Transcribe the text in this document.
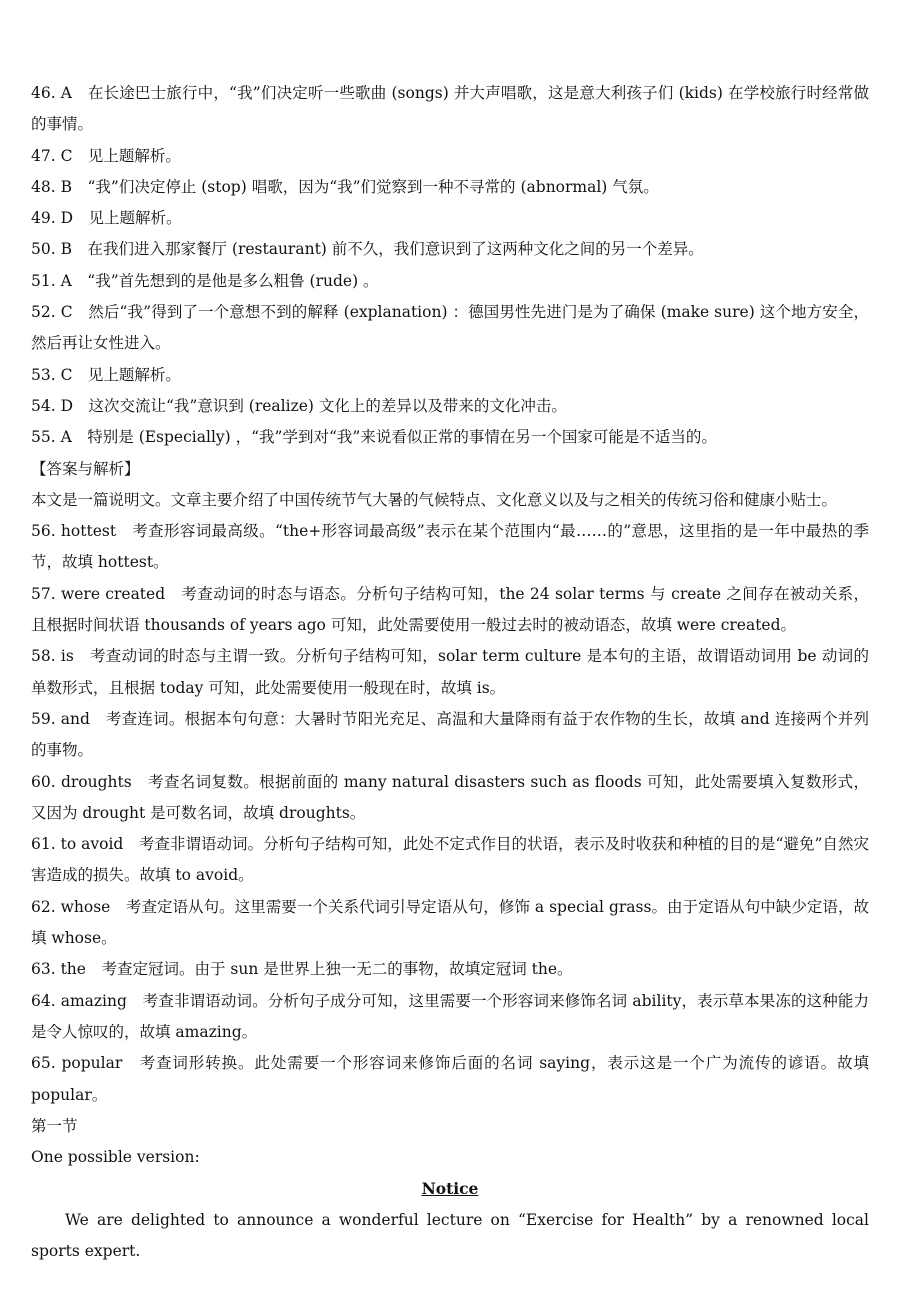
46. A　在长途巴士旅行中，“我”们决定听一些歌曲 (songs) 并大声唱歌，这是意大利孩子们 (kids) 在学校旅行时经常做的事情。

47. C　见上题解析。

48. B　“我”们决定停止 (stop) 唱歌，因为“我”们觉察到一种不寻常的 (abnormal) 气氛。

49. D　见上题解析。

50. B　在我们进入那家餐厅 (restaurant) 前不久，我们意识到了这两种文化之间的另一个差异。

51. A　“我”首先想到的是他是多么粗鲁 (rude) 。

52. C　然后“我”得到了一个意想不到的解释 (explanation) ：德国男性先进门是为了确保 (make sure) 这个地方安全，然后再让女性进入。

53. C　见上题解析。

54. D　这次交流让“我”意识到 (realize) 文化上的差异以及带来的文化冲击。

55. A　特别是 (Especially) ，“我”学到对“我”来说看似正常的事情在另一个国家可能是不适当的。

【答案与解析】

本文是一篇说明文。文章主要介绍了中国传统节气大暑的气候特点、文化意义以及与之相关的传统习俗和健康小贴士。

56. hottest　考查形容词最高级。“the+形容词最高级”表示在某个范围内“最……的”意思，这里指的是一年中最热的季节，故填 hottest。

57. were created　考查动词的时态与语态。分析句子结构可知，the 24 solar terms 与 create 之间存在被动关系，且根据时间状语 thousands of years ago 可知，此处需要使用一般过去时的被动语态，故填 were created。

58. is　考查动词的时态与主谓一致。分析句子结构可知，solar term culture 是本句的主语，故谓语动词用 be 动词的单数形式，且根据 today 可知，此处需要使用一般现在时，故填 is。

59. and　考查连词。根据本句句意：大暑时节阳光充足、高温和大量降雨有益于农作物的生长，故填 and 连接两个并列的事物。

60. droughts　考查名词复数。根据前面的 many natural disasters such as floods 可知，此处需要填入复数形式，又因为 drought 是可数名词，故填 droughts。

61. to avoid　考查非谓语动词。分析句子结构可知，此处不定式作目的状语，表示及时收获和种植的目的是“避免”自然灾害造成的损失。故填 to avoid。

62. whose　考查定语从句。这里需要一个关系代词引导定语从句，修饰 a special grass。由于定语从句中缺少定语，故填 whose。

63. the　考查定冠词。由于 sun 是世界上独一无二的事物，故填定冠词 the。

64. amazing　考查非谓语动词。分析句子成分可知，这里需要一个形容词来修饰名词 ability，表示草本果冻的这种能力是令人惊叹的，故填 amazing。

65. popular　考查词形转换。此处需要一个形容词来修饰后面的名词 saying，表示这是一个广为流传的谚语。故填 popular。

第一节

One possible version:

Notice

We are delighted to announce a wonderful lecture on “Exercise for Health” by a renowned local sports expert.
